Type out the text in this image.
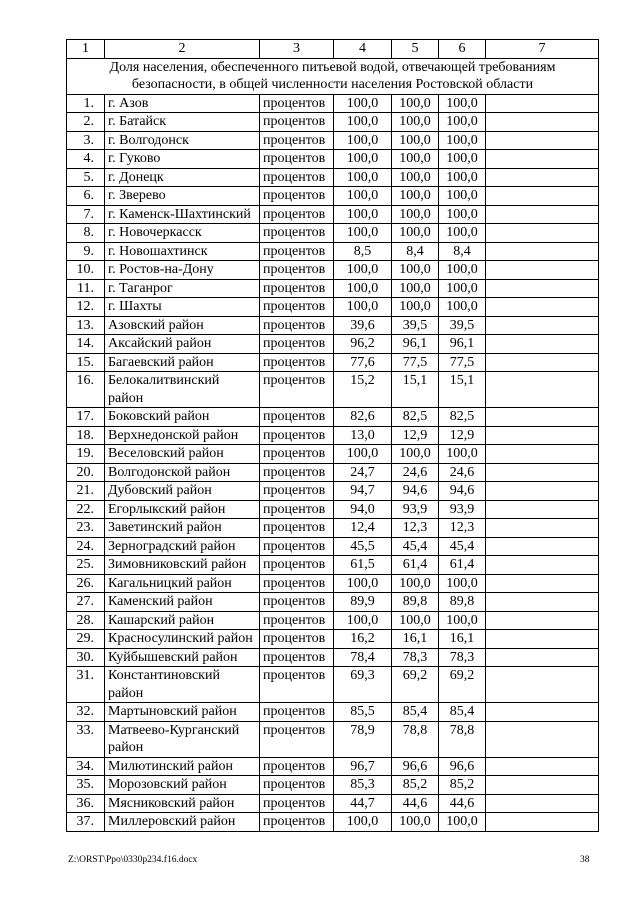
1	2	3	4	5	6	7
Доля населения, обеспеченного питьевой водой, отвечающей требованиям безопасности, в общей численности населения Ростовской области						
1.	г. Азов	процентов	100,0	100,0	100,0	
2.	г. Батайск	процентов	100,0	100,0	100,0	
3.	г. Волгодонск	процентов	100,0	100,0	100,0	
4.	г. Гуково	процентов	100,0	100,0	100,0	
5.	г. Донецк	процентов	100,0	100,0	100,0	
6.	г. Зверево	процентов	100,0	100,0	100,0	
7.	г. Каменск-Шахтинский	процентов	100,0	100,0	100,0	
8.	г. Новочеркасск	процентов	100,0	100,0	100,0	
9.	г. Новошахтинск	процентов	8,5	8,4	8,4	
10.	г. Ростов-на-Дону	процентов	100,0	100,0	100,0	
11.	г. Таганрог	процентов	100,0	100,0	100,0	
12.	г. Шахты	процентов	100,0	100,0	100,0	
13.	Азовский район	процентов	39,6	39,5	39,5	
14.	Аксайский район	процентов	96,2	96,1	96,1	
15.	Багаевский район	процентов	77,6	77,5	77,5	
16.	Белокалитвинский район	процентов	15,2	15,1	15,1	
17.	Боковский район	процентов	82,6	82,5	82,5	
18.	Верхнедонской район	процентов	13,0	12,9	12,9	
19.	Веселовский район	процентов	100,0	100,0	100,0	
20.	Волгодонской район	процентов	24,7	24,6	24,6	
21.	Дубовский район	процентов	94,7	94,6	94,6	
22.	Егорлыкский район	процентов	94,0	93,9	93,9	
23.	Заветинский район	процентов	12,4	12,3	12,3	
24.	Зерноградский район	процентов	45,5	45,4	45,4	
25.	Зимовниковский район	процентов	61,5	61,4	61,4	
26.	Кагальницкий район	процентов	100,0	100,0	100,0	
27.	Каменский район	процентов	89,9	89,8	89,8	
28.	Кашарский район	процентов	100,0	100,0	100,0	
29.	Красносулинский район	процентов	16,2	16,1	16,1	
30.	Куйбышевский район	процентов	78,4	78,3	78,3	
31.	Константиновский район	процентов	69,3	69,2	69,2	
32.	Мартыновский район	процентов	85,5	85,4	85,4	
33.	Матвеево-Курганский район	процентов	78,9	78,8	78,8	
34.	Милютинский район	процентов	96,7	96,6	96,6	
35.	Морозовский район	процентов	85,3	85,2	85,2	
36.	Мясниковский район	процентов	44,7	44,6	44,6	
37.	Миллеровский район	процентов	100,0	100,0	100,0	
Z:\ORST\Ppo\0330p234.f16.docx	38
